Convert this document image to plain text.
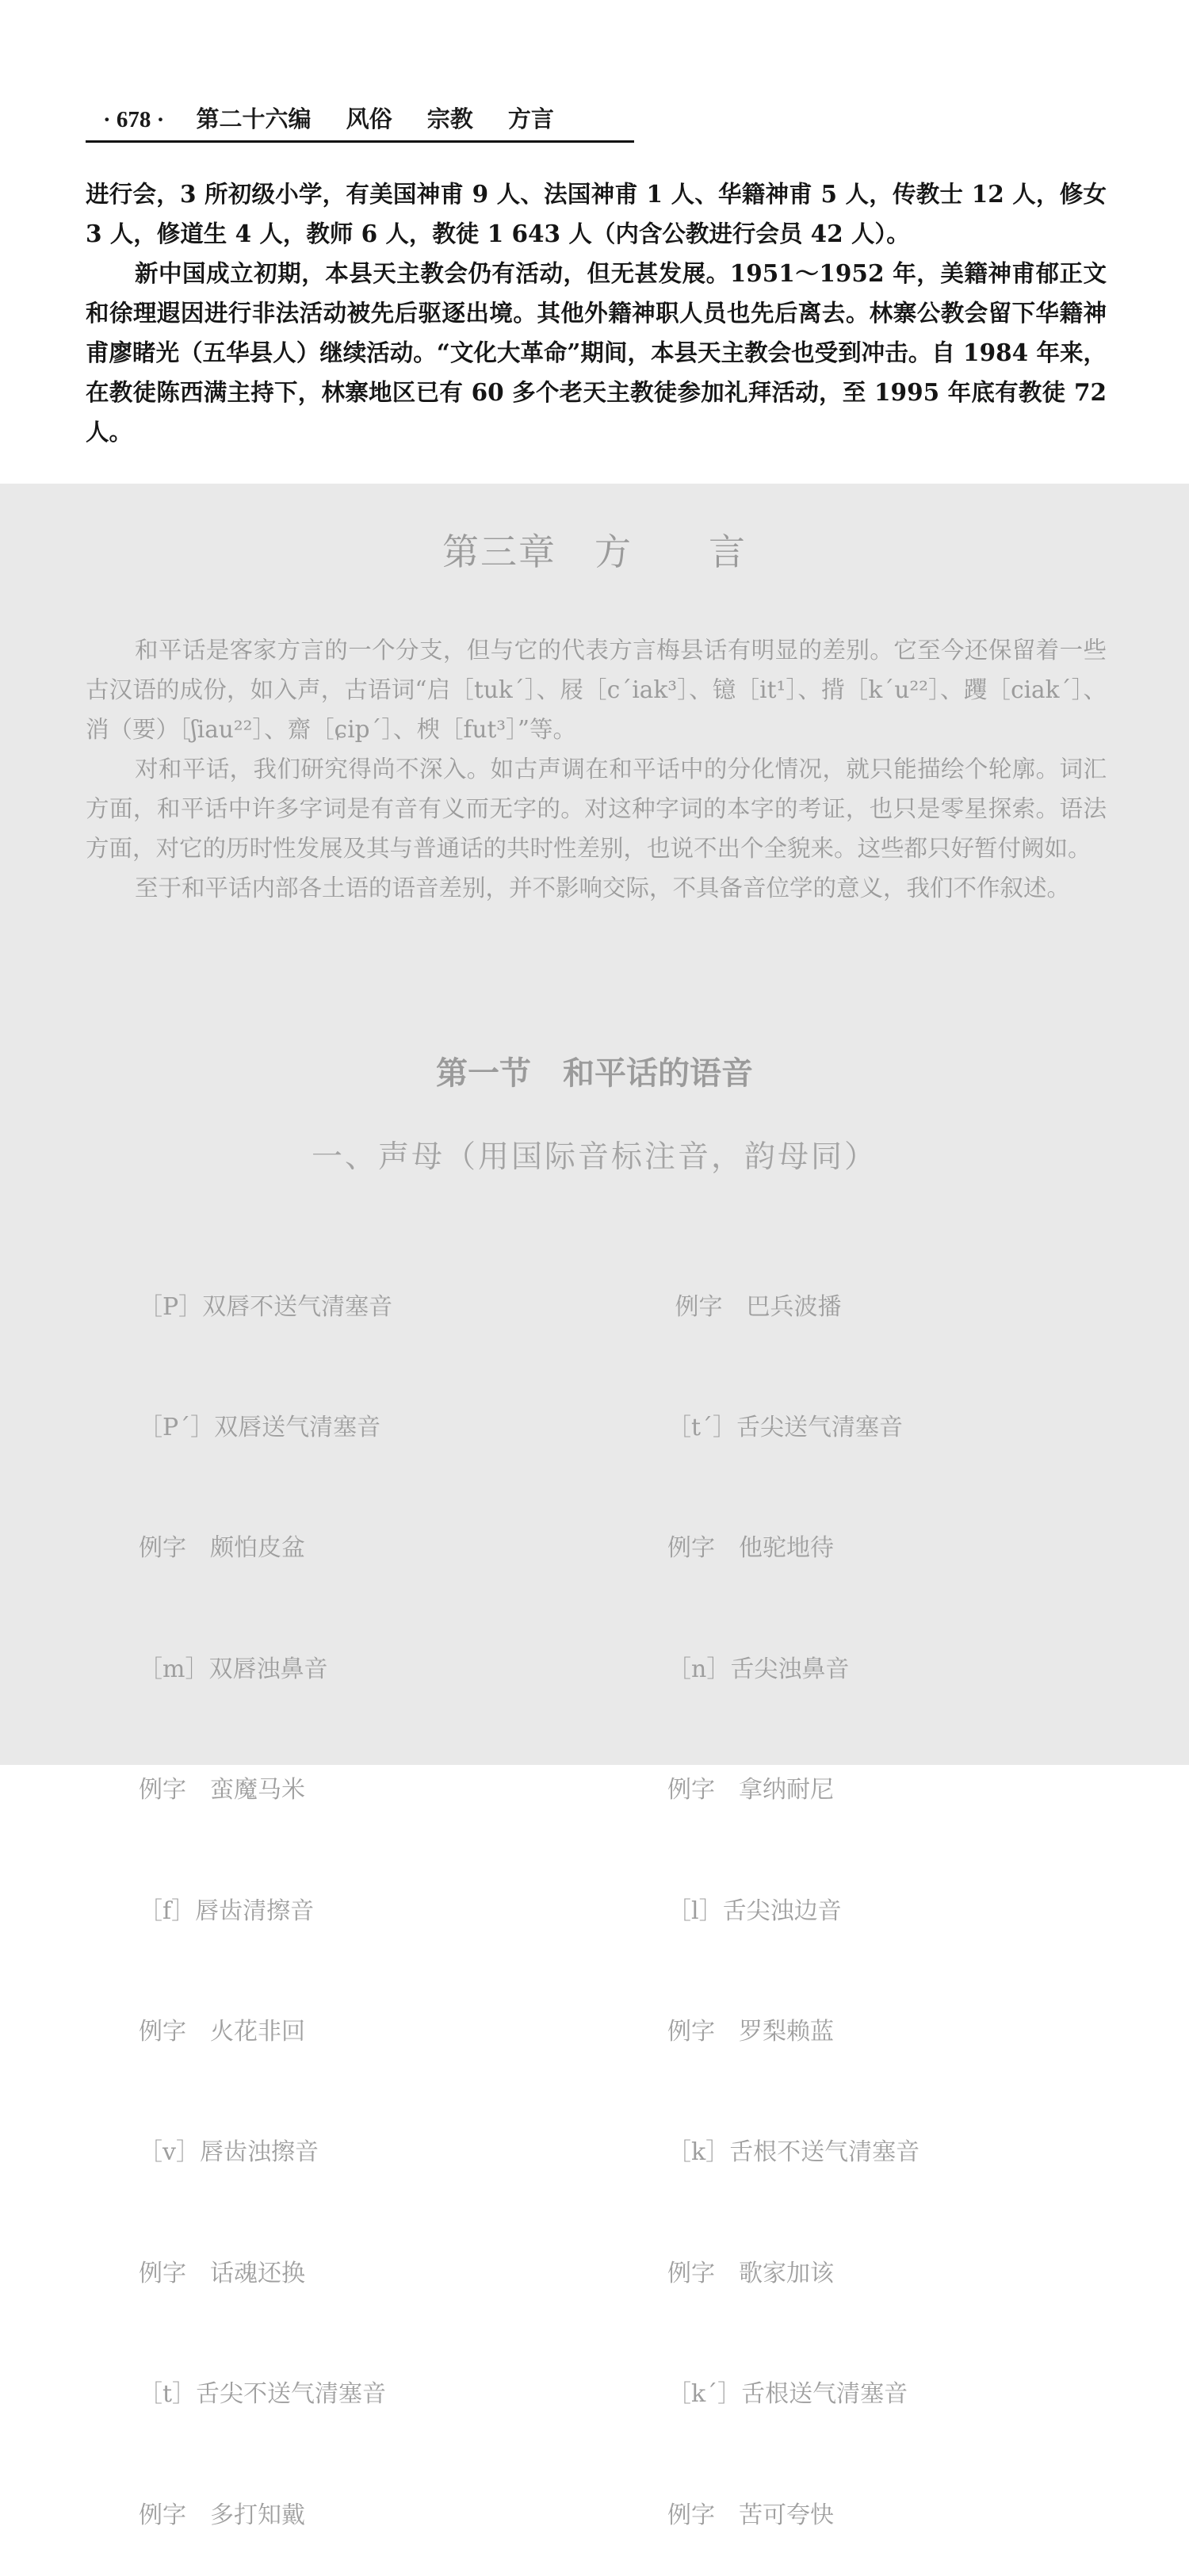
· 678 · 第二十六编 风俗 宗教 方言

进行会，3 所初级小学，有美国神甫 9 人、法国神甫 1 人、华籍神甫 5 人，传教士 12 人，修女 3 人，修道生 4 人，教师 6 人，教徒 1 643 人（内含公教进行会员 42 人）。

新中国成立初期，本县天主教会仍有活动，但无甚发展。1951～1952 年，美籍神甫郁正文和徐理遐因进行非法活动被先后驱逐出境。其他外籍神职人员也先后离去。林寨公教会留下华籍神甫廖睹光（五华县人）继续活动。“文化大革命”期间，本县天主教会也受到冲击。自 1984 年来，在教徒陈西满主持下，林寨地区已有 60 多个老天主教徒参加礼拜活动，至 1995 年底有教徒 72 人。

第三章　方　　言

和平话是客家方言的一个分支，但与它的代表方言梅县话有明显的差别。它至今还保留着一些古汉语的成份，如入声，古语词“启［tukˊ］、屐［cˊiak³］、镱［it¹］、揹［kˊu²²］、躩［ciakˊ］、消（要）［ʃiau²²］、齋［ɕipˊ］、楰［fut³］”等。

对和平话，我们研究得尚不深入。如古声调在和平话中的分化情况，就只能描绘个轮廓。词汇方面，和平话中许多字词是有音有义而无字的。对这种字词的本字的考证，也只是零星探索。语法方面，对它的历时性发展及其与普通话的共时性差别，也说不出个全貌来。这些都只好暂付阙如。

至于和平话内部各土语的语音差别，并不影响交际，不具备音位学的意义，我们不作叙述。

第一节　和平话的语音
一、声母（用国际音标注音，韵母同）

［P］双唇不送气清塞音

［Pˊ］双唇送气清塞音

例字　颇怕皮盆

［m］双唇浊鼻音

例字　蛮魔马米

［f］唇齿清擦音

例字　火花非回

［v］唇齿浊擦音

例字　话魂还换

［t］舌尖不送气清塞音

例字　多打知戴

例字　巴兵波播

［tˊ］舌尖送气清塞音

例字　他驼地待

［n］舌尖浊鼻音

例字　拿纳耐尼

［l］舌尖浊边音

例字　罗梨赖蓝

［k］舌根不送气清塞音

例字　歌家加该

［kˊ］舌根送气清塞音

例字　苦可夸快
